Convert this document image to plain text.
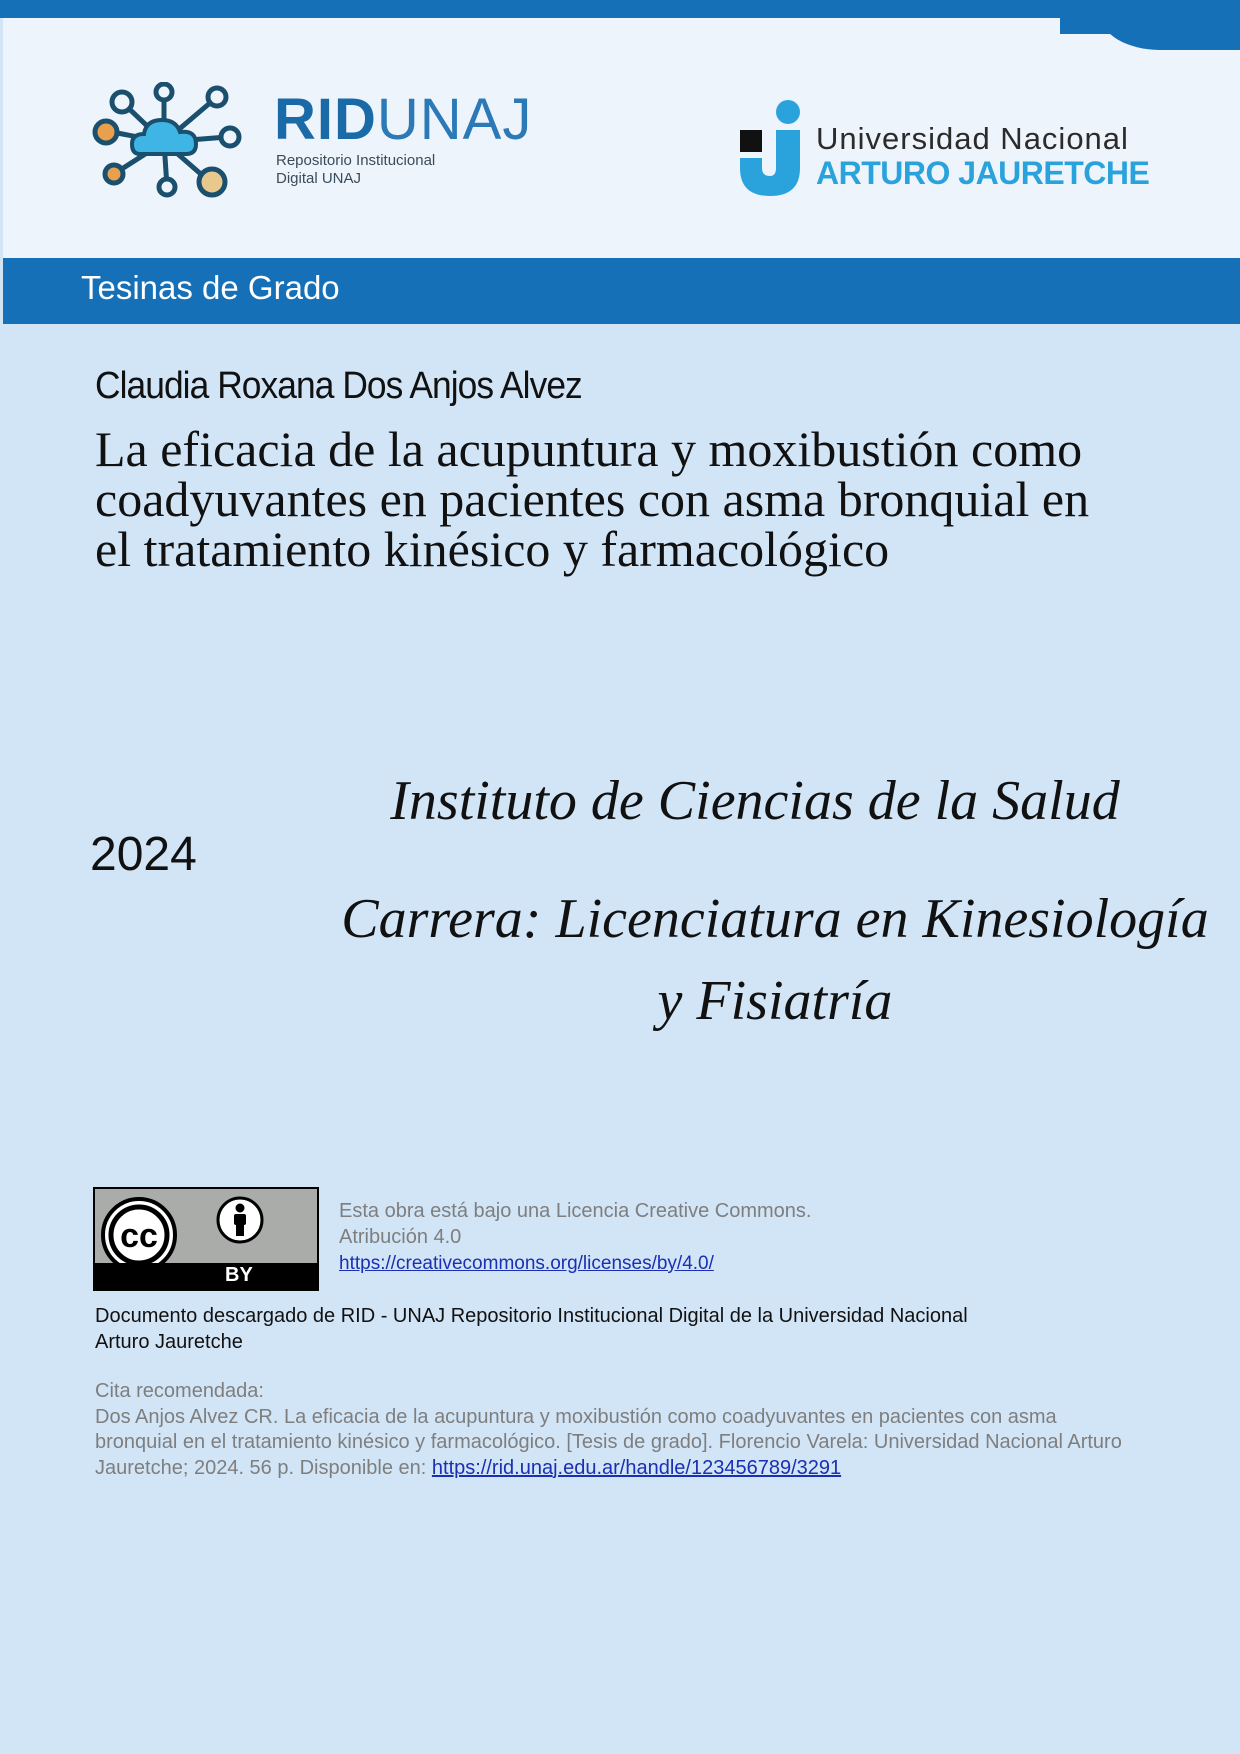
RIDUNAJ
Repositorio Institucional
Digital UNAJ
Universidad Nacional
ARTURO JAURETCHE
Tesinas de Grado
Claudia Roxana Dos Anjos Alvez
La eficacia de la acupuntura y moxibustión como coadyuvantes en pacientes con asma bronquial en el tratamiento kinésico y farmacológico
2024
Instituto de Ciencias de la Salud
Carrera: Licenciatura en Kinesiología y Fisiatría
cc
BY
Esta obra está bajo una Licencia Creative Commons.
Atribución 4.0
https://creativecommons.org/licenses/by/4.0/
Documento descargado de RID - UNAJ Repositorio Institucional Digital de la Universidad Nacional Arturo Jauretche
Cita recomendada:
Dos Anjos Alvez CR. La eficacia de la acupuntura y moxibustión como coadyuvantes en pacientes con asma bronquial en el tratamiento kinésico y farmacológico. [Tesis de grado]. Florencio Varela: Universidad Nacional Arturo Jauretche; 2024. 56 p. Disponible en: https://rid.unaj.edu.ar/handle/123456789/3291
